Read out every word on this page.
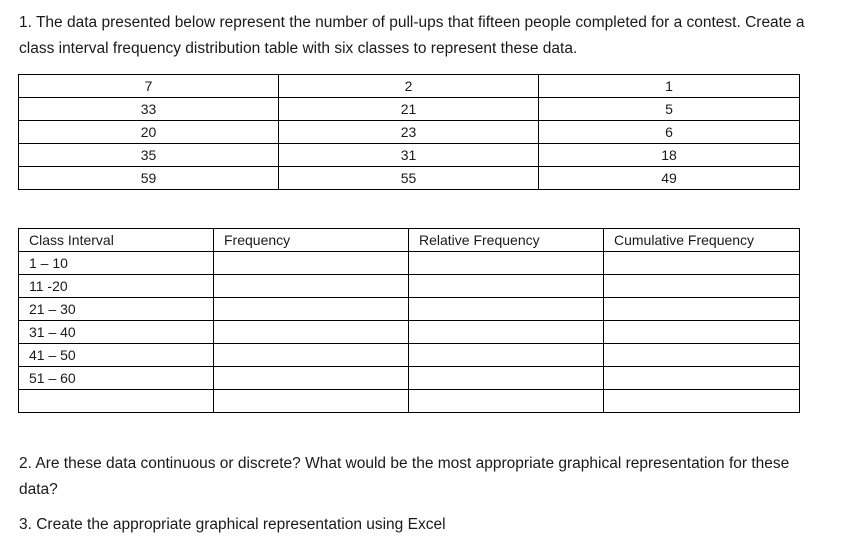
1. The data presented below represent the number of pull-ups that fifteen people completed for a contest. Create a class interval frequency distribution table with six classes to represent these data.

7	2	1
33	21	5
20	23	6
35	31	18
59	55	49
Class Interval	Frequency	Relative Frequency	Cumulative Frequency
1 – 10			
11 -20			
21 – 30			
31 – 40			
41 – 50			
51 – 60			

2. Are these data continuous or discrete? What would be the most appropriate graphical representation for these data?

3. Create the appropriate graphical representation using Excel
